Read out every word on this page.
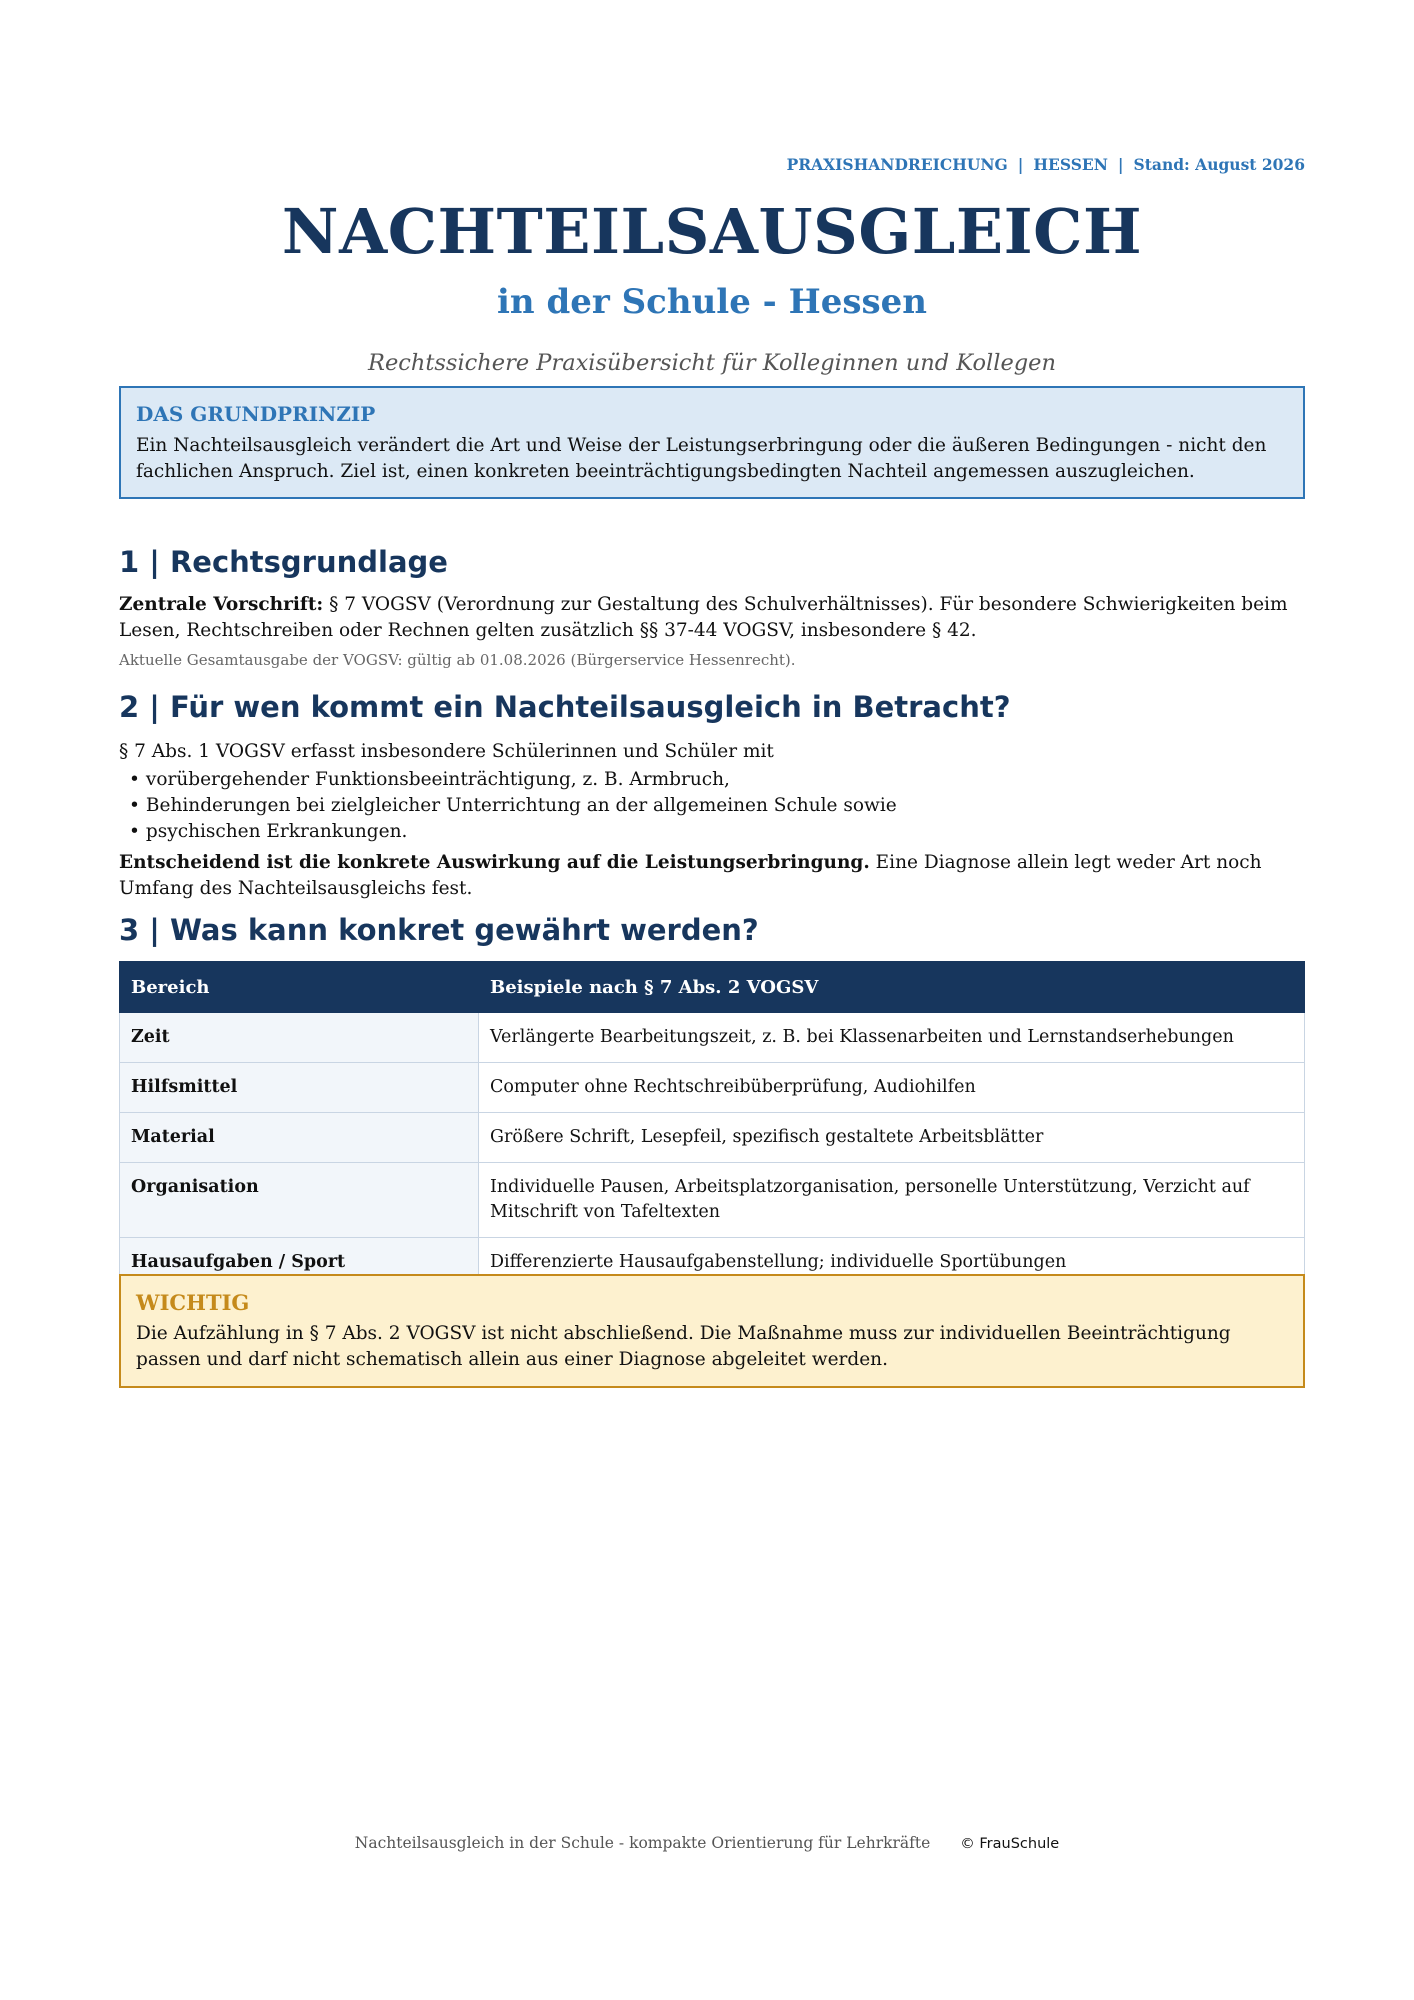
PRAXISHANDREICHUNG | HESSEN | Stand: August 2026
NACHTEILSAUSGLEICH
in der Schule - Hessen
Rechtssichere Praxisübersicht für Kolleginnen und Kollegen
DAS GRUNDPRINZIP

Ein Nachteilsausgleich verändert die Art und Weise der Leistungserbringung oder die äußeren Bedingungen - nicht den fachlichen Anspruch. Ziel ist, einen konkreten beeinträchtigungsbedingten Nachteil angemessen auszugleichen.

1 | Rechtsgrundlage
Zentrale Vorschrift: § 7 VOGSV (Verordnung zur Gestaltung des Schulverhältnisses). Für besondere Schwierigkeiten beim Lesen, Rechtschreiben oder Rechnen gelten zusätzlich §§ 37-44 VOGSV, insbesondere § 42.
Aktuelle Gesamtausgabe der VOGSV: gültig ab 01.08.2026 (Bürgerservice Hessenrecht).
2 | Für wen kommt ein Nachteilsausgleich in Betracht?
§ 7 Abs. 1 VOGSV erfasst insbesondere Schülerinnen und Schüler mit
• vorübergehender Funktionsbeeinträchtigung, z. B. Armbruch,
• Behinderungen bei zielgleicher Unterrichtung an der allgemeinen Schule sowie
• psychischen Erkrankungen.
Entscheidend ist die konkrete Auswirkung auf die Leistungserbringung. Eine Diagnose allein legt weder Art noch Umfang des Nachteilsausgleichs fest.
3 | Was kann konkret gewährt werden?
Bereich	Beispiele nach § 7 Abs. 2 VOGSV
Zeit	Verlängerte Bearbeitungszeit, z. B. bei Klassenarbeiten und Lernstandserhebungen
Hilfsmittel	Computer ohne Rechtschreibüberprüfung, Audiohilfen
Material	Größere Schrift, Lesepfeil, spezifisch gestaltete Arbeitsblätter
Organisation	Individuelle Pausen, Arbeitsplatzorganisation, personelle Unterstützung, Verzicht auf Mitschrift von Tafeltexten
Hausaufgaben / Sport	Differenzierte Hausaufgabenstellung; individuelle Sportübungen
WICHTIG

Die Aufzählung in § 7 Abs. 2 VOGSV ist nicht abschließend. Die Maßnahme muss zur individuellen Beeinträchtigung passen und darf nicht schematisch allein aus einer Diagnose abgeleitet werden.

Nachteilsausgleich in der Schule - kompakte Orientierung für Lehrkräfte © FrauSchule
